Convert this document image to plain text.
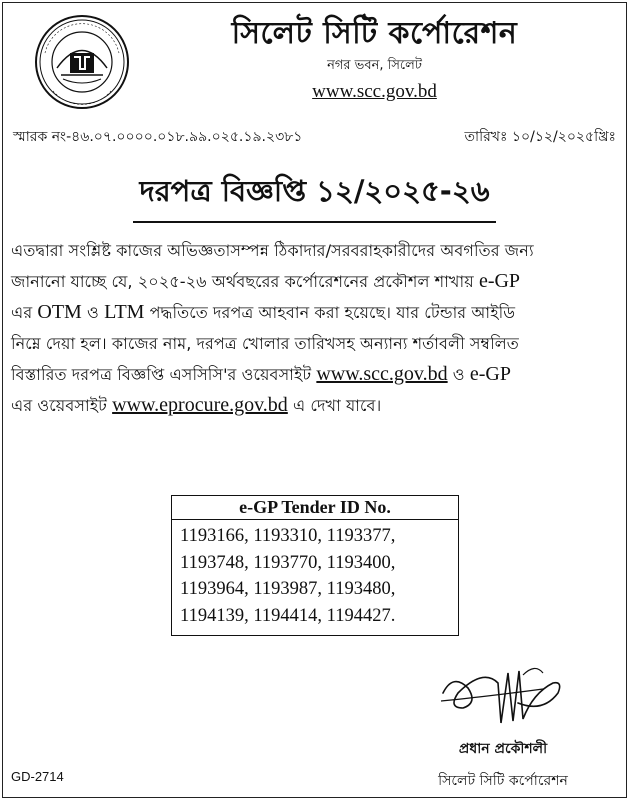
সিলেট সিটি কর্পোরেশন
নগর ভবন, সিলেট
www.scc.gov.bd
স্মারক নং-৪৬.০৭.০০০০.০১৮.৯৯.০২৫.১৯.২৩৮১	তারিখঃ ১০/১২/২০২৫খ্রিঃ
দরপত্র বিজ্ঞপ্তি ১২/২০২৫-২৬
এতদ্বারা সংশ্লিষ্ট কাজের অভিজ্ঞতাসম্পন্ন ঠিকাদার/সরবরাহকারীদের অবগতির জন্য
জানানো যাচ্ছে যে, ২০২৫-২৬ অর্থবছরের কর্পোরেশনের প্রকৌশল শাখায় e-GP
এর OTM ও LTM পদ্ধতিতে দরপত্র আহবান করা হয়েছে। যার টেন্ডার আইডি
নিম্নে দেয়া হল। কাজের নাম, দরপত্র খোলার তারিখসহ অন্যান্য শর্তাবলী সম্বলিত
বিস্তারিত দরপত্র বিজ্ঞপ্তি এসসিসি'র ওয়েবসাইট www.scc.gov.bd ও e-GP
এর ওয়েবসাইট www.eprocure.gov.bd এ দেখা যাবে।
e-GP Tender ID No.
1193166, 1193310, 1193377,
1193748, 1193770, 1193400,
1193964, 1193987, 1193480,
1194139, 1194414, 1194427.
প্রধান প্রকৌশলী
সিলেট সিটি কর্পোরেশন
GD-2714
